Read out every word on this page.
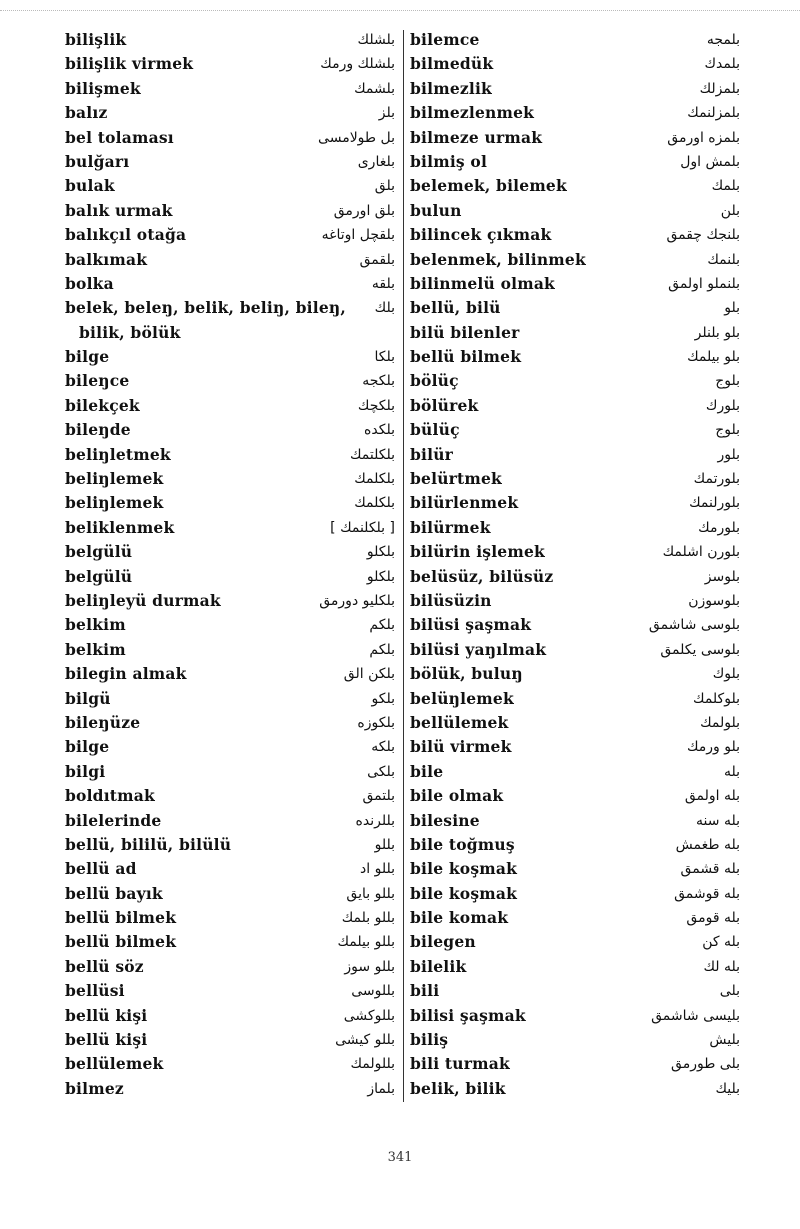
bilişlik	بلشلك
bilişlik virmek	بلشلك ورمك
bilişmek	بلشمك
balız	بلز
bel tolaması	بل طولامسى
bulğarı	بلغارى
bulak	بلق
balık urmak	بلق اورمق
balıkçıl otağa	بلقچل اوتاغه
balkımak	بلقمق
bolka	بلقه
belek, beleŋ, belik, beliŋ, bileŋ, بلك
bilik, bölük
bilge	بلكا
bileŋce	بلكجه
bilekçek	بلكچك
bileŋde	بلكده
beliŋletmek	بلكلتمك
beliŋlemek	بلكلمك
beliŋlemek	بلكلمك
beliklenmek	[ بلكلنمك ]
belgülü	بلكلو
belgülü	بلكلو
beliŋleyü durmak	بلكليو دورمق
belkim	بلكم
belkim	بلكم
bilegin almak	بلكن الق
bilgü	بلكو
bileŋüze	بلكوزه
bilge	بلكه
bilgi	بلكى
boldıtmak	بلتمق
bilelerinde	بللرنده
bellü, bililü, bilülü	بللو
bellü ad	بللو اد
bellü bayık	بللو بايق
bellü bilmek	بللو بلمك
bellü bilmek	بللو بيلمك
bellü söz	بللو سوز
bellüsi	بللوسى
bellü kişi	بللوكشى
bellü kişi	بللو كيشى
bellülemek	بللولمك
bilmez	بلماز
bilemce	بلمجه
bilmedük	بلمدك
bilmezlik	بلمزلك
bilmezlenmek	بلمزلنمك
bilmeze urmak	بلمزه اورمق
bilmiş ol	بلمش اول
belemek, bilemek	بلمك
bulun	بلن
bilincek çıkmak	بلنجك چقمق
belenmek, bilinmek	بلنمك
bilinmelü olmak	بلنملو اولمق
bellü, bilü	بلو
bilü bilenler	بلو بلنلر
bellü bilmek	بلو بيلمك
bölüç	بلوج
bölürek	بلورك
bülüç	بلوج
bilür	بلور
belürtmek	بلورتمك
bilürlenmek	بلورلنمك
bilürmek	بلورمك
bilürin işlemek	بلورن اشلمك
belüsüz, bilüsüz	بلوسز
bilüsüzin	بلوسوزن
bilüsi şaşmak	بلوسى شاشمق
bilüsi yaŋılmak	بلوسى يكلمق
bölük, buluŋ	بلوك
belüŋlemek	بلوكلمك
bellülemek	بلولمك
bilü virmek	بلو ورمك
bile	بله
bile olmak	بله اولمق
bilesine	بله سنه
bile toğmuş	بله طغمش
bile koşmak	بله قشمق
bile koşmak	بله قوشمق
bile komak	بله قومق
bilegen	بله كن
bilelik	بله لك
bili	بلى
bilisi şaşmak	بليسى شاشمق
biliş	بليش
bili turmak	بلى طورمق
belik, bilik	بليك
341
